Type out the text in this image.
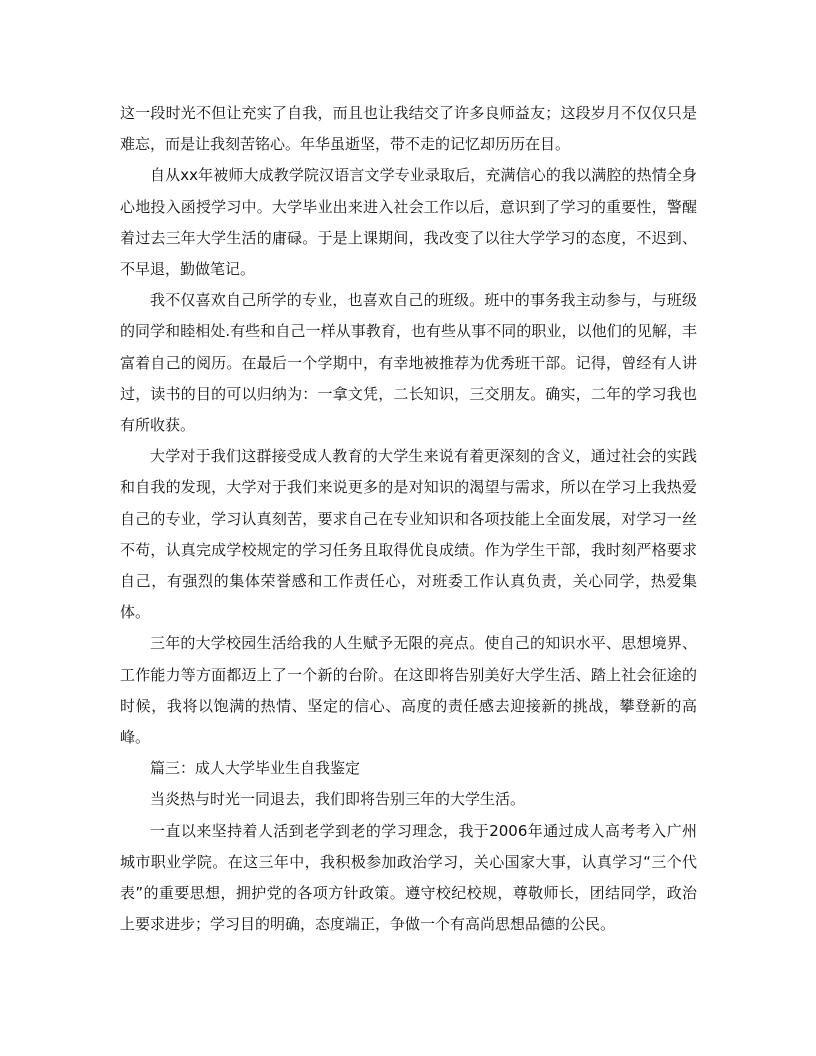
这一段时光不但让充实了自我，而且也让我结交了许多良师益友；这段岁月不仅仅只是难忘，而是让我刻苦铭心。年华虽逝坚，带不走的记忆却历历在目。

自从xx年被师大成教学院汉语言文学专业录取后，充满信心的我以满腔的热情全身心地投入函授学习中。大学毕业出来进入社会工作以后，意识到了学习的重要性，警醒着过去三年大学生活的庸碌。于是上课期间，我改变了以往大学学习的态度，不迟到、不早退，勤做笔记。

我不仅喜欢自己所学的专业，也喜欢自己的班级。班中的事务我主动参与，与班级的同学和睦相处.有些和自己一样从事教育，也有些从事不同的职业，以他们的见解，丰富着自己的阅历。在最后一个学期中，有幸地被推荐为优秀班干部。记得，曾经有人讲过，读书的目的可以归纳为：一拿文凭，二长知识，三交朋友。确实，二年的学习我也有所收获。

大学对于我们这群接受成人教育的大学生来说有着更深刻的含义，通过社会的实践和自我的发现，大学对于我们来说更多的是对知识的渴望与需求，所以在学习上我热爱自己的专业，学习认真刻苦，要求自己在专业知识和各项技能上全面发展，对学习一丝不苟，认真完成学校规定的学习任务且取得优良成绩。作为学生干部，我时刻严格要求自己，有强烈的集体荣誉感和工作责任心，对班委工作认真负责，关心同学，热爱集体。

三年的大学校园生活给我的人生赋予无限的亮点。使自己的知识水平、思想境界、工作能力等方面都迈上了一个新的台阶。在这即将告别美好大学生活、踏上社会征途的时候，我将以饱满的热情、坚定的信心、高度的责任感去迎接新的挑战，攀登新的高峰。

篇三：成人大学毕业生自我鉴定

当炎热与时光一同退去，我们即将告别三年的大学生活。

一直以来坚持着人活到老学到老的学习理念，我于2006年通过成人高考考入广州城市职业学院。在这三年中，我积极参加政治学习，关心国家大事，认真学习“三个代表”的重要思想，拥护党的各项方针政策。遵守校纪校规，尊敬师长，团结同学，政治上要求进步；学习目的明确，态度端正，争做一个有高尚思想品德的公民。
